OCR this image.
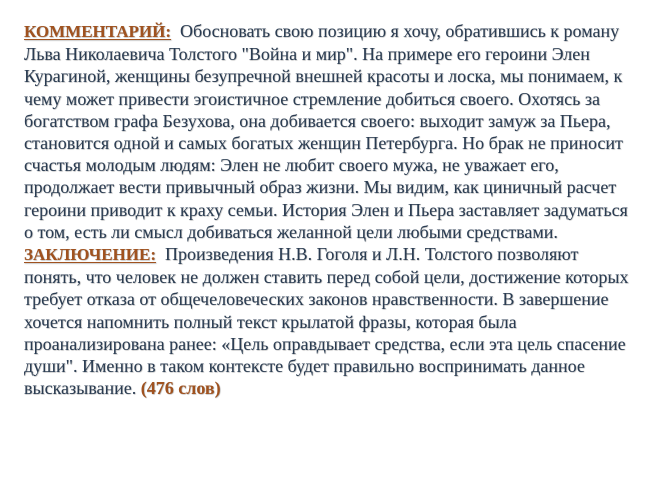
КОММЕНТАРИЙ: Обосновать свою позицию я хочу, обратившись к роману Льва Николаевича Толстого "Война и мир". На примере его героини Элен Курагиной, женщины безупречной внешней красоты и лоска, мы понимаем, к чему может привести эгоистичное стремление добиться своего. Охотясь за богатством графа Безухова, она добивается своего: выходит замуж за Пьера, становится одной и самых богатых женщин Петербурга. Но брак не приносит счастья молодым людям: Элен не любит своего мужа, не уважает его, продолжает вести привычный образ жизни. Мы видим, как циничный расчет героини приводит к краху семьи. История Элен и Пьера заставляет задуматься о том, есть ли смысл добиваться желанной цели любыми средствами.

ЗАКЛЮЧЕНИЕ: Произведения Н.В. Гоголя и Л.Н. Толстого позволяют понять, что человек не должен ставить перед собой цели, достижение которых требует отказа от общечеловеческих законов нравственности. В завершение хочется напомнить полный текст крылатой фразы, которая была проанализирована ранее: «Цель оправдывает средства, если эта цель спасение души". Именно в таком контексте будет правильно воспринимать данное высказывание. (476 слов)
